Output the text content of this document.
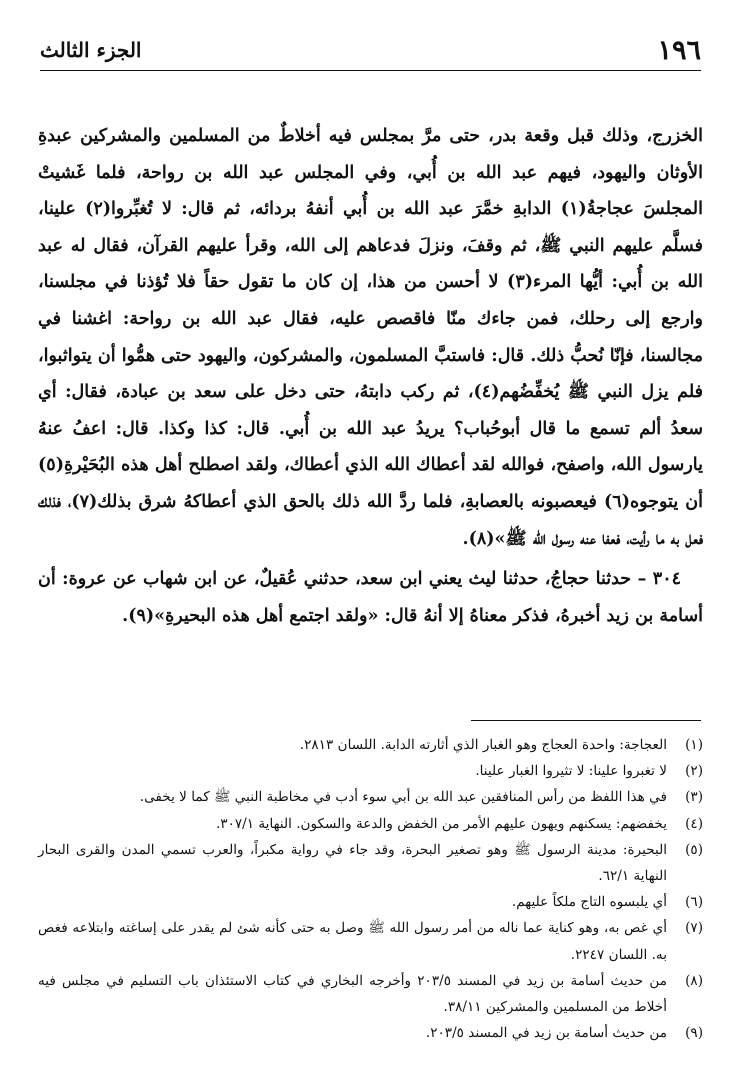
١٩٦
الجزء الثالث

الخزرج، وذلك قبل وقعة بدر، حتى مرَّ بمجلس فيه أخلاطٌ من المسلمين والمشركين عبدةِ الأوثان واليهود، فيهم عبد الله بن أُبي، وفي المجلس عبد الله بن رواحة، فلما غَشيتْ المجلسَ عجاجةُ(١) الدابةِ خمَّرَ عبد الله بن أُبي أنفهُ بردائه، ثم قال: لا تُغبِّروا(٢) علينا، فسلَّم عليهم النبي ﷺ، ثم وقفَ، ونزلَ فدعاهم إلى الله، وقرأ عليهم القرآن، فقال له عبد الله بن أُبي: أيُّها المرء(٣) لا أحسن من هذا، إن كان ما تقول حقاً فلا تُؤذنا في مجلسنا، وارجع إلى رحلك، فمن جاءك منّا فاقصص عليه، فقال عبد الله بن رواحة: اغشنا في مجالسنا، فإنّا نُحبُّ ذلك. قال: فاستبَّ المسلمون، والمشركون، واليهود حتى همُّوا أن يتواثبوا، فلم يزل النبي ﷺ يُخفِّضُهم(٤)، ثم ركب دابتهُ، حتى دخل على سعد بن عبادة، فقال: أي سعدُ ألم تسمع ما قال أبوحُباب؟ يريدُ عبد الله بن أُبي. قال: كذا وكذا. قال: اعفُ عنهُ يارسول الله، واصفح، فوالله لقد أعطاك الله الذي أعطاك، ولقد اصطلح أهل هذه البُحَيْرةِ(٥) أن يتوجوه(٦) فيعصبونه بالعصابةِ، فلما ردَّ الله ذلك بالحق الذي أعطاكهُ شرق بذلك(٧)، فذلك فعل به ما رأيت، فعفا عنه رسول الله ﷺ»(٨).

٣٠٤ – حدثنا حجاجُ، حدثنا ليث يعني ابن سعد، حدثني عُقيلٌ، عن ابن شهاب عن عروة: أن أسامة بن زيد أخبرهُ، فذكر معناهُ إلا أنهُ قال: «ولقد اجتمع أهل هذه البحيرةِ»(٩).

(١)
العجاجة: واحدة العجاج وهو الغبار الذي أثارته الدابة. اللسان ٢٨١٣.
(٢)
لا تغبروا علينا: لا تثيروا الغبار علينا.
(٣)
في هذا اللفظ من رأس المنافقين عبد الله بن أبي سوء أدب في مخاطبة النبي ﷺ كما لا يخفى.
(٤)
يخفضهم: يسكنهم ويهون عليهم الأمر من الخفض والدعة والسكون. النهاية ٣٠٧/١.
(٥)
البحيرة: مدينة الرسول ﷺ وهو تصغير البحرة، وقد جاء في رواية مكبراً، والعرب تسمي المدن والقرى البحار النهاية ٦٢/١.
(٦)
أي يلبسوه التاج ملكاً عليهم.
(٧)
أي غص به، وهو كناية عما ناله من أمر رسول الله ﷺ وصل به حتى كأنه شئ لم يقدر على إساغته وابتلاعه فغص به. اللسان ٢٢٤٧.
(٨)
من حديث أسامة بن زيد في المسند ٢٠٣/٥ وأخرجه البخاري في كتاب الاستئذان باب التسليم في مجلس فيه أخلاط من المسلمين والمشركين ٣٨/١١.
(٩)
من حديث أسامة بن زيد في المسند ٢٠٣/٥.
